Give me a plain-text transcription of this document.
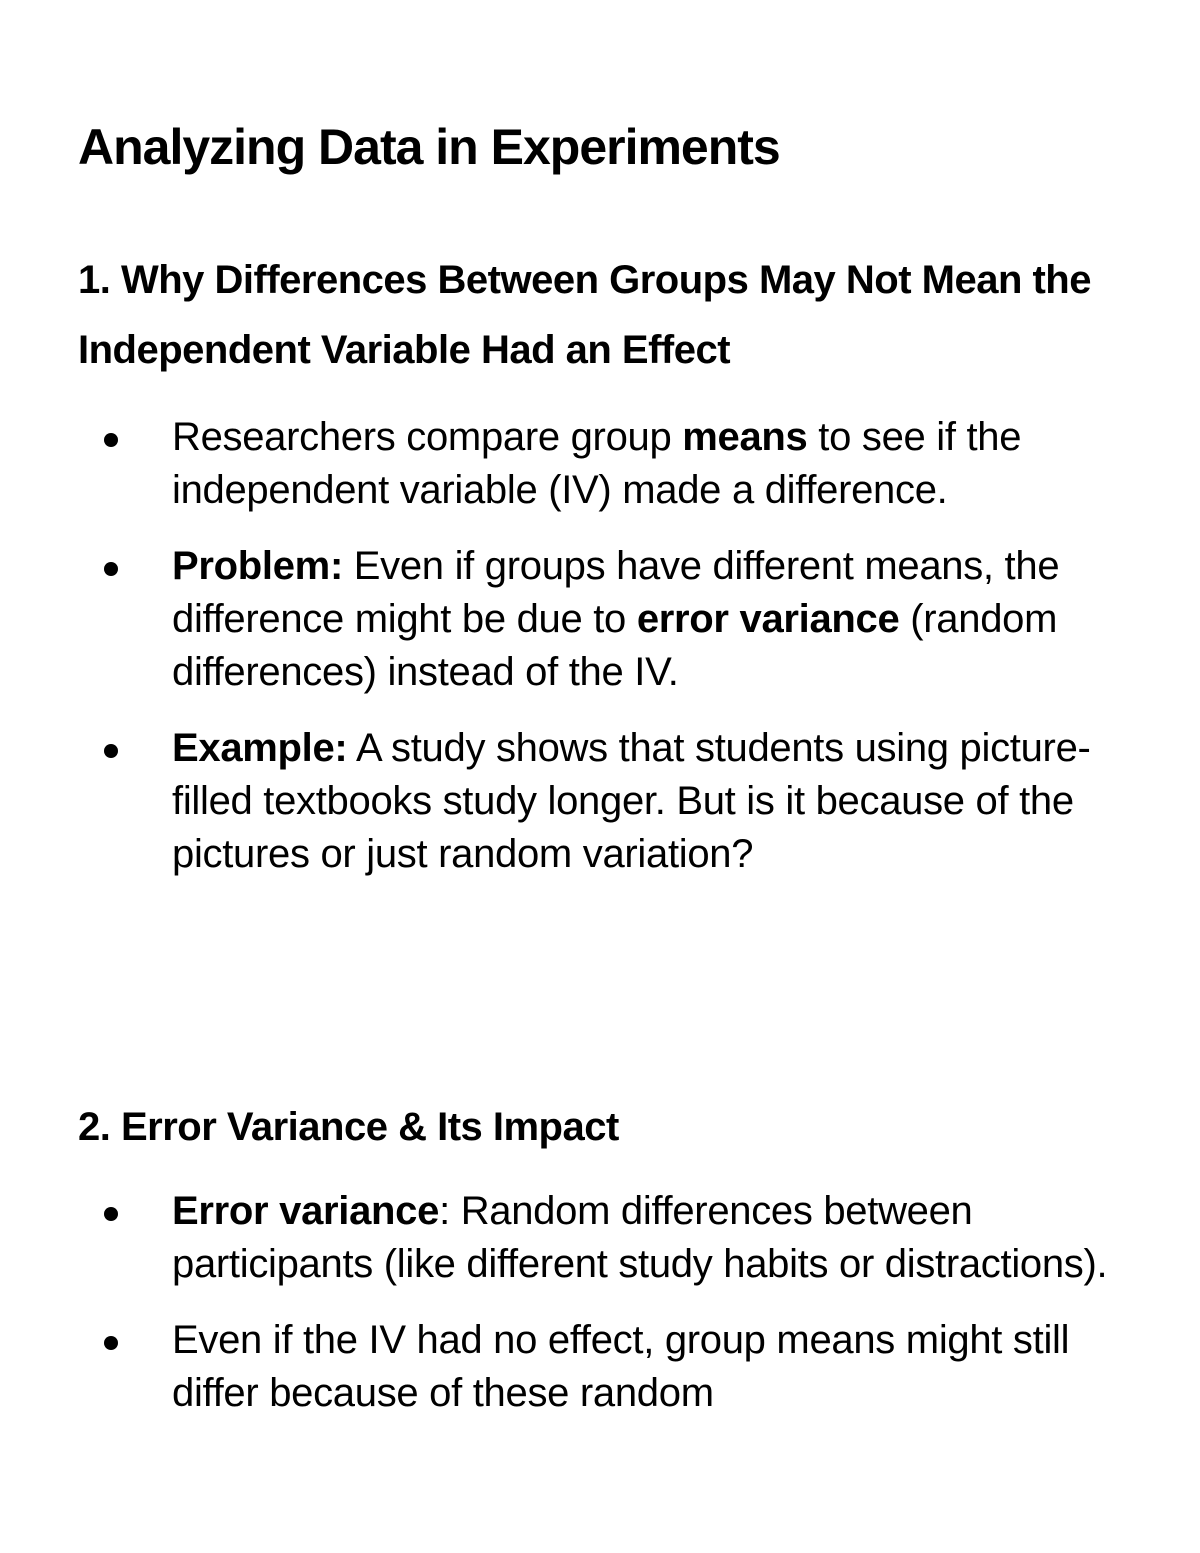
Analyzing Data in Experiments
1. Why Differences Between Groups May Not Mean the Independent Variable Had an Effect
Researchers compare group means to see if the independent variable (IV) made a difference.
Problem: Even if groups have different means, the difference might be due to error variance (random differences) instead of the IV.
Example: A study shows that students using picture-filled textbooks study longer. But is it because of the pictures or just random variation?
2. Error Variance & Its Impact
Error variance: Random differences between participants (like different study habits or distractions).
Even if the IV had no effect, group means might still differ because of these random
